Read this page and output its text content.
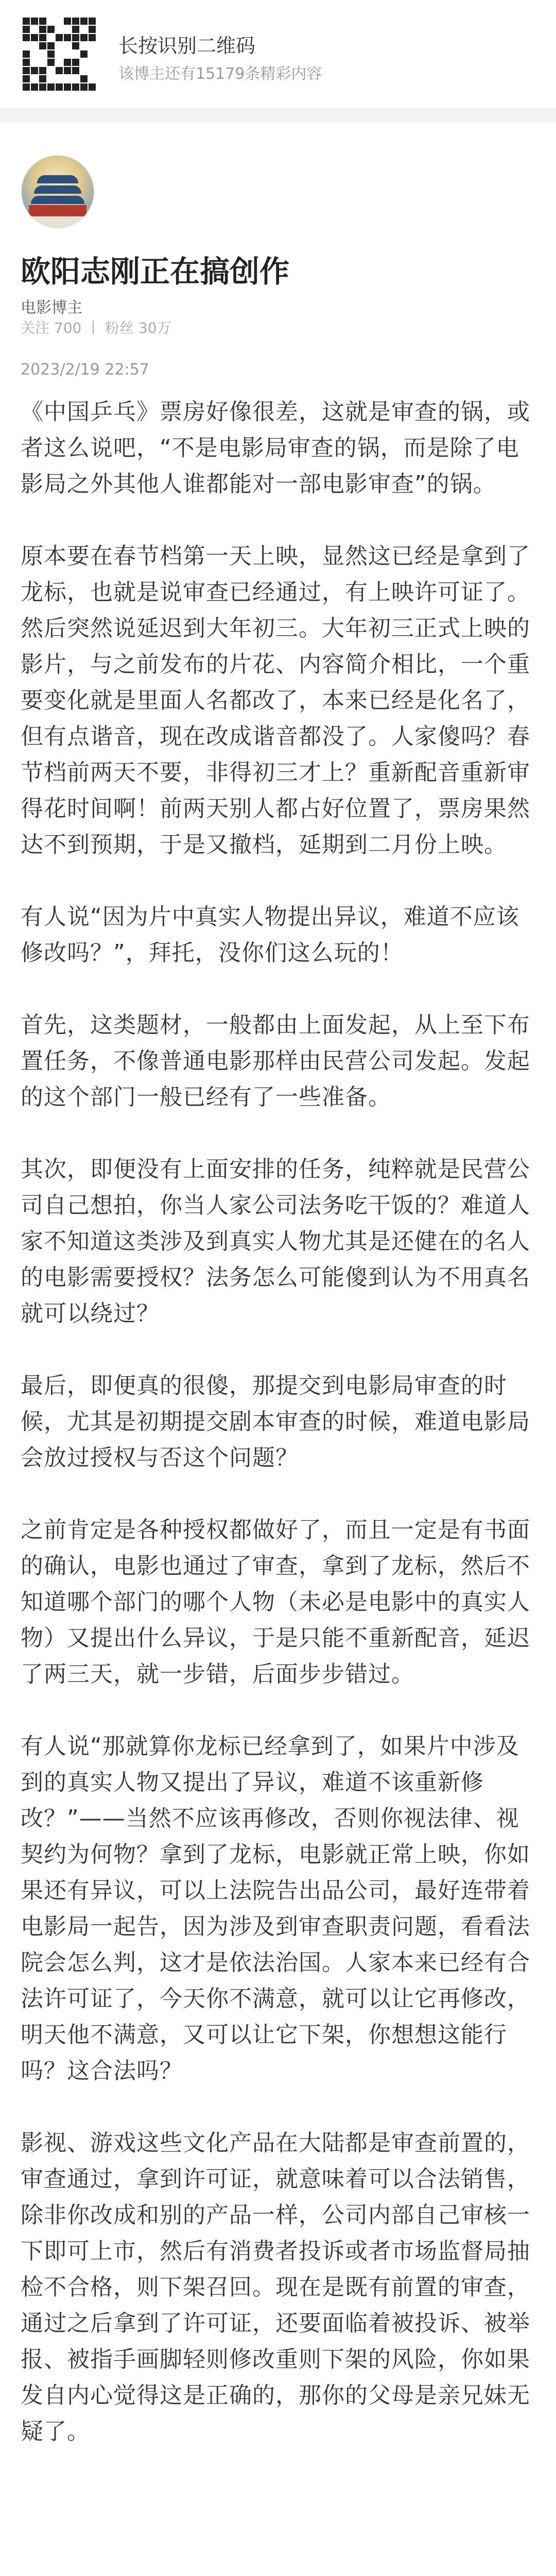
长按识别二维码
该博主还有15179条精彩内容
欧阳志刚正在搞创作
电影博主
关注 700 丨 粉丝 30万
2023/2/19 22:57

《中国乒乓》票房好像很差，这就是审查的锅，或者这么说吧，“不是电影局审查的锅，而是除了电影局之外其他人谁都能对一部电影审查”的锅。

原本要在春节档第一天上映，显然这已经是拿到了龙标，也就是说审查已经通过，有上映许可证了。然后突然说延迟到大年初三。大年初三正式上映的影片，与之前发布的片花、内容简介相比，一个重要变化就是里面人名都改了，本来已经是化名了，但有点谐音，现在改成谐音都没了。人家傻吗？春节档前两天不要，非得初三才上？重新配音重新审得花时间啊！前两天别人都占好位置了，票房果然达不到预期，于是又撤档，延期到二月份上映。

有人说“因为片中真实人物提出异议，难道不应该修改吗？”，拜托，没你们这么玩的！

首先，这类题材，一般都由上面发起，从上至下布置任务，不像普通电影那样由民营公司发起。发起的这个部门一般已经有了一些准备。

其次，即便没有上面安排的任务，纯粹就是民营公司自己想拍，你当人家公司法务吃干饭的？难道人家不知道这类涉及到真实人物尤其是还健在的名人的电影需要授权？法务怎么可能傻到认为不用真名就可以绕过？

最后，即便真的很傻，那提交到电影局审查的时候，尤其是初期提交剧本审查的时候，难道电影局会放过授权与否这个问题？

之前肯定是各种授权都做好了，而且一定是有书面的确认，电影也通过了审查，拿到了龙标，然后不知道哪个部门的哪个人物（未必是电影中的真实人物）又提出什么异议，于是只能不重新配音，延迟了两三天，就一步错，后面步步错过。

有人说“那就算你龙标已经拿到了，如果片中涉及到的真实人物又提出了异议，难道不该重新修改？”——当然不应该再修改，否则你视法律、视契约为何物？拿到了龙标，电影就正常上映，你如果还有异议，可以上法院告出品公司，最好连带着电影局一起告，因为涉及到审查职责问题，看看法院会怎么判，这才是依法治国。人家本来已经有合法许可证了，今天你不满意，就可以让它再修改，明天他不满意，又可以让它下架，你想想这能行吗？这合法吗？

影视、游戏这些文化产品在大陆都是审查前置的，审查通过，拿到许可证，就意味着可以合法销售，除非你改成和别的产品一样，公司内部自己审核一下即可上市，然后有消费者投诉或者市场监督局抽检不合格，则下架召回。现在是既有前置的审查，通过之后拿到了许可证，还要面临着被投诉、被举报、被指手画脚轻则修改重则下架的风险，你如果发自内心觉得这是正确的，那你的父母是亲兄妹无疑了。
